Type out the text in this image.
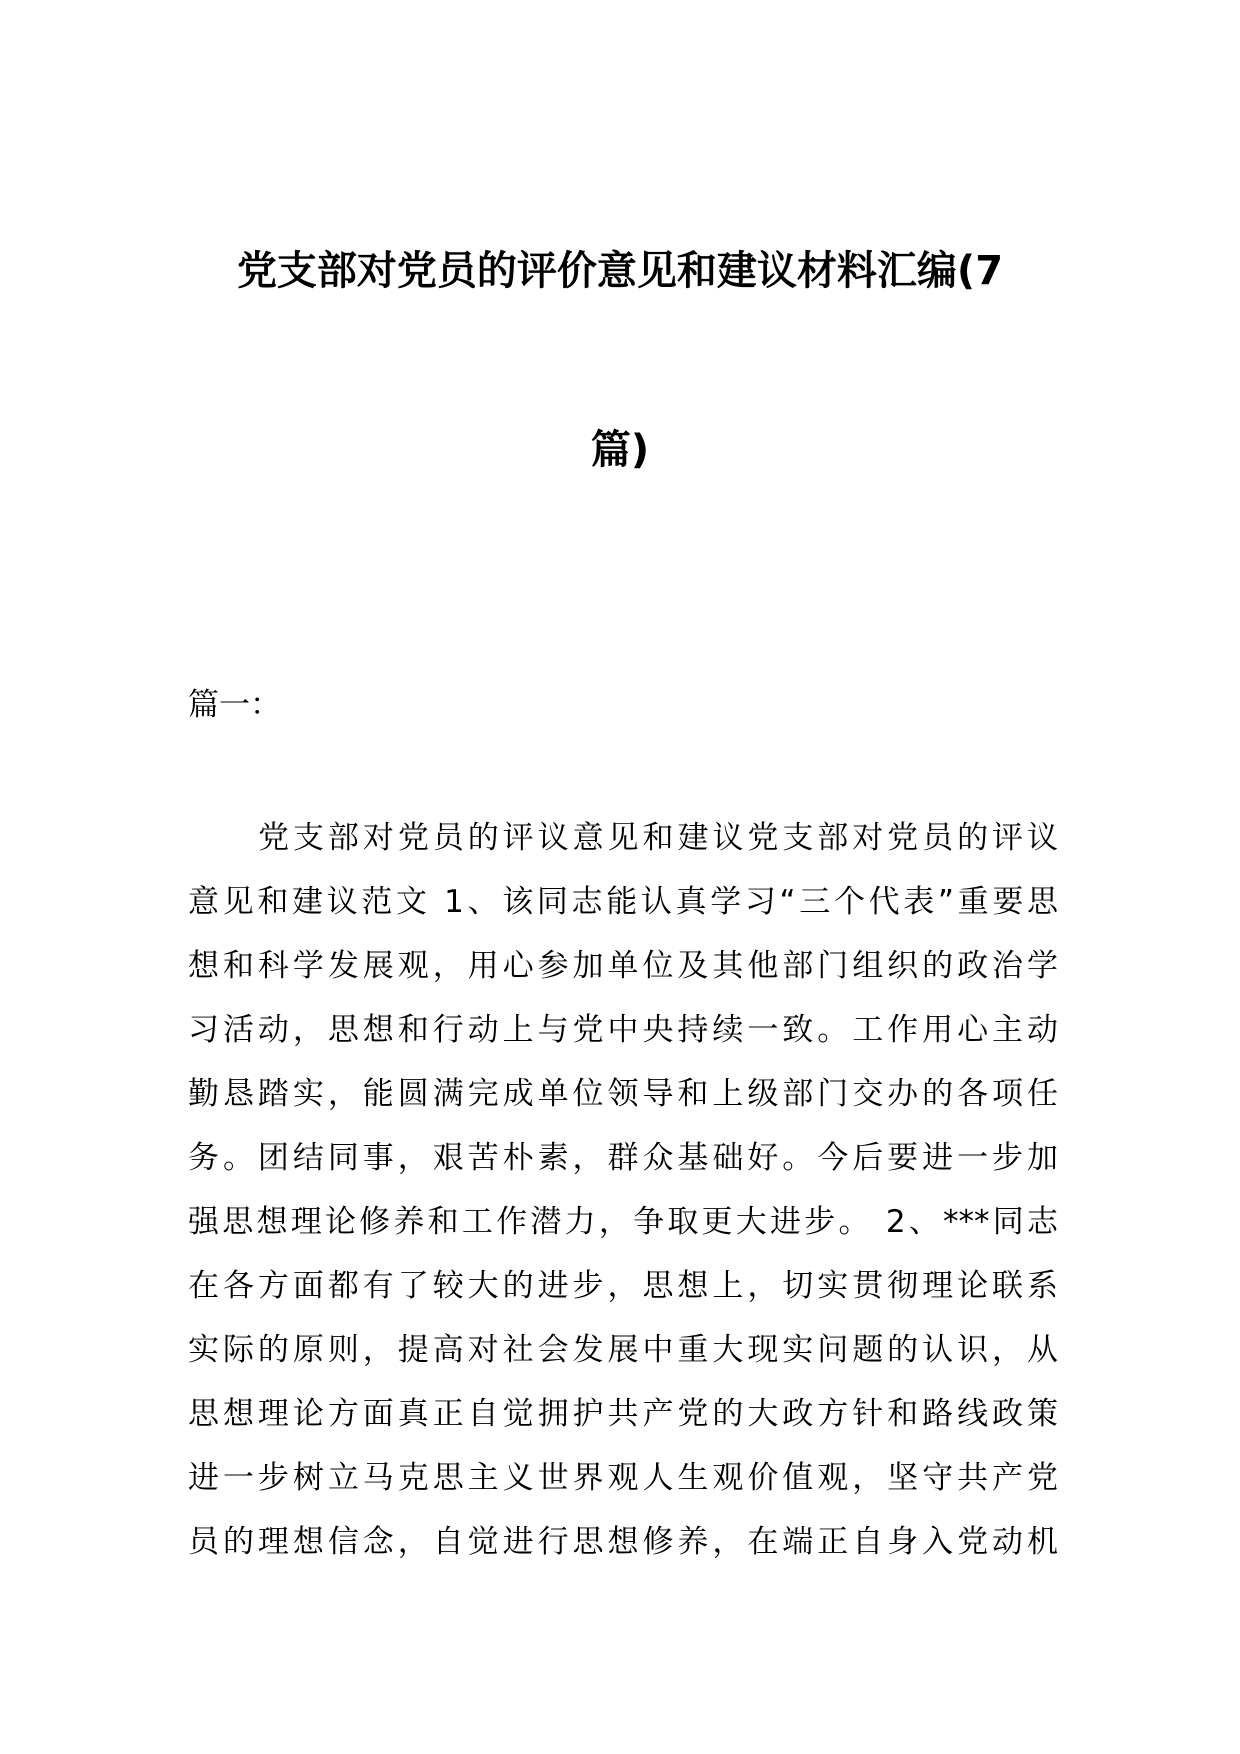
党支部对党员的评价意见和建议材料汇编(7
篇)
篇一：
党支部对党员的评议意见和建议党支部对党员的评议
意见和建议范文 1、该同志能认真学习“三个代表”重要思
想和科学发展观，用心参加单位及其他部门组织的政治学
习活动，思想和行动上与党中央持续一致。工作用心主动
勤恳踏实，能圆满完成单位领导和上级部门交办的各项任
务。团结同事，艰苦朴素，群众基础好。今后要进一步加
强思想理论修养和工作潜力，争取更大进步。 2、***同志
在各方面都有了较大的进步，思想上，切实贯彻理论联系
实际的原则，提高对社会发展中重大现实问题的认识，从
思想理论方面真正自觉拥护共产党的大政方针和路线政策
进一步树立马克思主义世界观人生观价值观，坚守共产党
员的理想信念，自觉进行思想修养，在端正自身入党动机
